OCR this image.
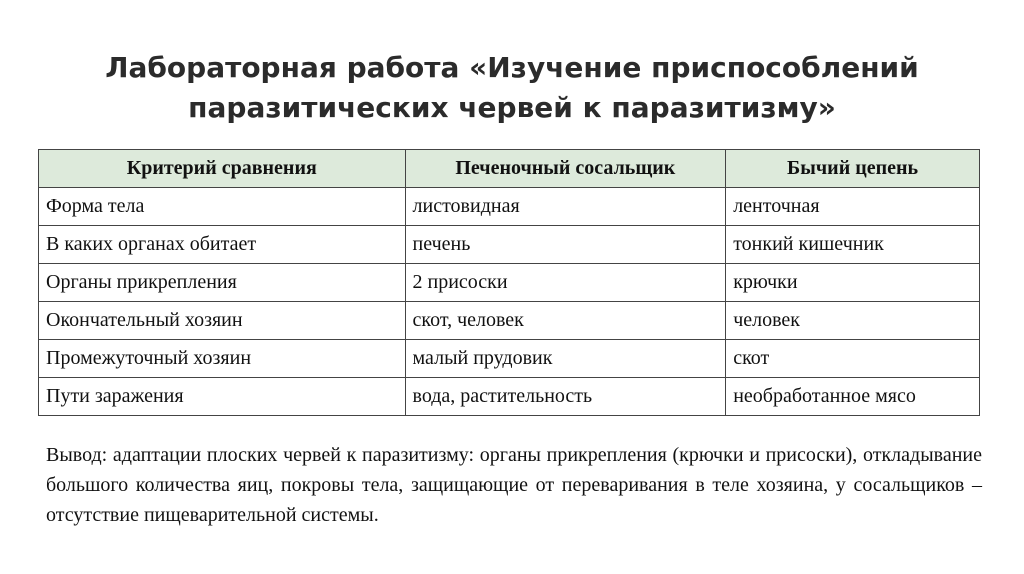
Лабораторная работа «Изучение приспособлений
паразитических червей к паразитизму»
Критерий сравнения	Печеночный сосальщик	Бычий цепень
Форма тела	листовидная	ленточная
В каких органах обитает	печень	тонкий кишечник
Органы прикрепления	2 присоски	крючки
Окончательный хозяин	скот, человек	человек
Промежуточный хозяин	малый прудовик	скот
Пути заражения	вода, растительность	необработанное мясо

Вывод: адаптации плоских червей к паразитизму: органы прикрепления (крючки и присоски), откладывание большого количества яиц, покровы тела, защищающие от переваривания в теле хозяина, у сосальщиков – отсутствие пищеварительной системы.
